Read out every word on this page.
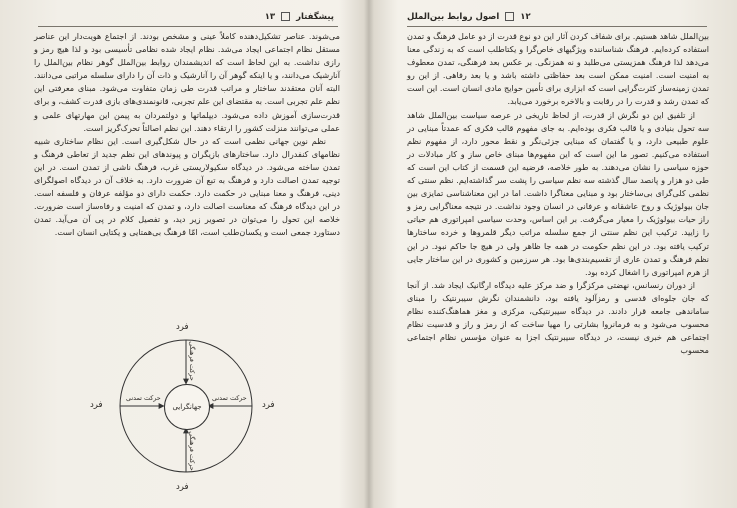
پیشگفتار  ۱۳

می‌شوند. عناصر تشکیل‌دهنده کاملاً عینی و مشخص بودند. از اجتماع هویت‌دار این عناصر مستقل نظام اجتماعی ایجاد می‌شد. نظام ایجاد شده نظامی تأسیسی بود و لذا هیچ رمز و رازی نداشت. به این لحاظ است که اندیشمندان روابط بین‌الملل گوهر نظام بین‌الملل را آنارشیک می‌دانند، و یا اینکه گوهر آن را آنارشیک و ذات آن را دارای سلسله مراتبی می‌دانند. البته آنان معتقدند ساختار و مراتب قدرت طی زمان متفاوت می‌شود. مبنای معرفتی این نظم علم تجربی است. به مقتضای این علم تجربی، قانونمندی‌های بازی قدرت کشف، و برای قدرت‌سازی آموزش داده می‌شود. دیپلماتها و دولتمردان به پیمن این مهارتهای علمی و عملی می‌توانند منزلت کشور را ارتقاء دهند. این نظم اصالتاً تحرک‌گریز است.

نظم نوین جهانی نظمی است که در حال شکل‌گیری است. این نظام ساختاری شبیه نظامهای کنفدرال دارد. ساختارهای بازیگران و پیوندهای این نظم جدید از تعاطی فرهنگ و تمدن ساخته می‌شود. در دیدگاه سکیولاریستی غرب، فرهنگ ناشی از تمدن است. در این توجیه تمدن اصالت دارد و فرهنگ به تبع آن ضرورت دارد. به خلاف آن در دیدگاه اصولگرای دینی، فرهنگ و معنا مبنایی در حکمت دارد. حکمت دارای دو مؤلفه عرفان و فلسفه است. در این دیدگاه فرهنگ که معناست اصالت دارد، و تمدن که امنیت و رفاه‌ساز است ضرورت. خلاصه این تحول را می‌توان در تصویر زیر دید، و تفصیل کلام در پی آن می‌آید. تمدن دستاورد جمعی است و یکسان‌طلب است، امّا فرهنگ بی‌همتایی و یکتایی انسان است.

جهانگرایی
فرد
فرد
فرد	فرد
حرکت فرهنگی
حرکت فرهنگی
حرکت تمدنی	حرکت تمدنی
۱۲  اصول روابط بین‌الملل

بین‌الملل شاهد هستیم. برای شفاف کردن آثار این دو نوع قدرت از دو عامل فرهنگ و تمدن استفاده کرده‌ایم. فرهنگ شناساننده ویژگیهای خاص‌گرا و یکتاطلب است که به زندگی معنا می‌دهد لذا فرهنگ همزیستی می‌طلبد و نه همزنگی. بر عکس بعد فرهنگی، تمدن معطوف به امنیت است. امنیت ممکن است بعد حفاظتی داشته باشد و یا بعد رفاهی. از این رو تمدن زمینه‌ساز کثرت‌گرایی است که ابزاری برای تأمین حوایج مادی انسان است. این است که تمدن رشد و قدرت را در رقابت و بالاخره برخورد می‌یابد.

از تلفیق این دو نگرش از قدرت، از لحاظ تاریخی در عرصه سیاست بین‌الملل شاهد سه تحول بنیادی و یا قالب فکری بوده‌ایم. به جای مفهوم قالب فکری که عمدتاً مبنایی در علوم طبیعی دارد، و یا گفتمان که مبنایی جزئی‌نگر و نقط محور دارد، از مفهوم نظم استفاده می‌کنیم. تصور ما این است که این مفهوم‌ها مبنای خاص ساز و کار مبادلات در حوزه سیاسی را نشان می‌دهند. به طور خلاصه، فرضیه این قسمت از کتاب این است که طی دو هزار و پانصد سال گذشته سه نظم سیاسی را پشت سر گذاشته‌ایم. نظم سنتی که نظمی کلی‌گرای بی‌ساختار بود و مبنایی معناگرا داشت. اما در این معناشناسی تمایزی بین جان بیولوژیک و روح عاشقانه و عرفانی در انسان وجود نداشت. در نتیجه معناگرایی رمز و راز حیات بیولوژیک را معیار می‌گرفت. بر این اساس، وحدت سیاسی امپراتوری هم حیاتی را زایید. ترکیب این نظم سنتی از جمع سلسله مراتب دیگر قلمروها و خرده ساختارها ترکیب یافته بود. در این نظم حکومت در همه جا ظاهر ولی در هیچ جا حاکم نبود. در این نظم فرهنگ و تمدن عاری از تقسیم‌بندی‌ها بود. هر سرزمین و کشوری در این ساختار جایی از هرم امپراتوری را اشغال کرده بود.

از دوران رنسانس، نهضتی مرکزگرا و ضد مرکز علیه دیدگاه ارگانیک ایجاد شد. از آنجا که جان جلوه‌ای قدسی و رمزآلود یافته بود، دانشمندان نگرش سیبرنتیک را مبنای ساماندهی جامعه قرار دادند. در دیدگاه سیبرنتیکی، مرکزی و مغز هماهنگ‌کننده نظام محسوب می‌شود و به فرمانروا بشارتی را مهیا ساخت که از رمز و راز و قدسیت نظام اجتماعی هم خبری نیست، در دیدگاه سیبرنتیک اجزا به عنوان مؤسس نظام اجتماعی محسوب
